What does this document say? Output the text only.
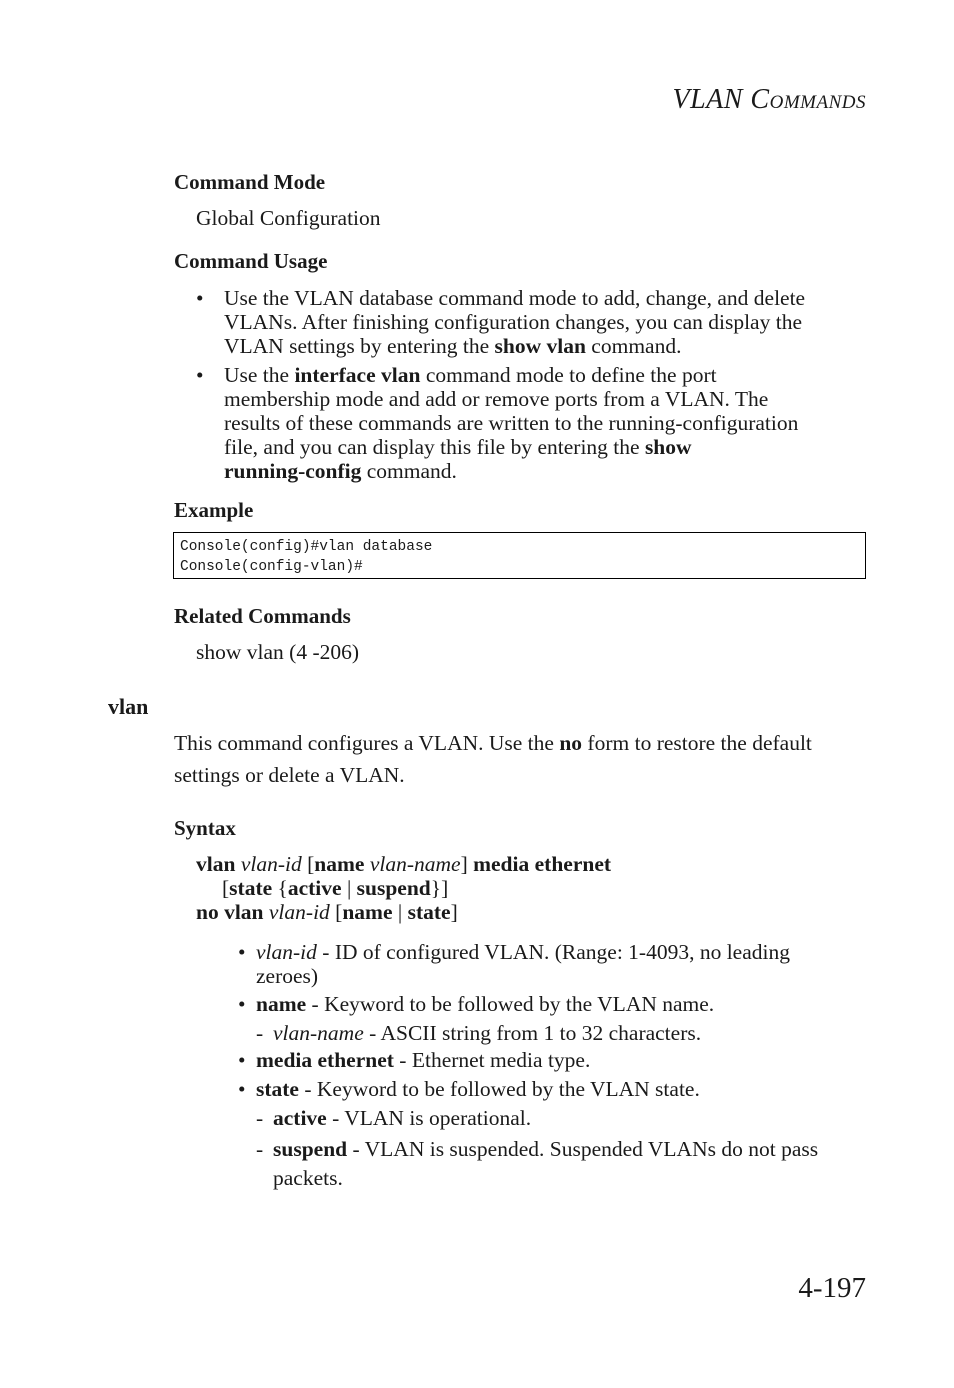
VLAN COMMANDS
Command Mode
Global Configuration
Command Usage
• Use the VLAN database command mode to add, change, and delete
VLANs. After finishing configuration changes, you can display the
VLAN settings by entering the show vlan command.
• Use the interface vlan command mode to define the port
membership mode and add or remove ports from a VLAN. The
results of these commands are written to the running-configuration
file, and you can display this file by entering the show
running-config command.
Example
Console(config)#vlan database
Console(config-vlan)#
Related Commands
show vlan (4 -206)
vlan
This command configures a VLAN. Use the no form to restore the default
settings or delete a VLAN.
Syntax
vlan vlan-id [name vlan-name] media ethernet
[state {active | suspend}]
no vlan vlan-id [name | state]
• vlan-id - ID of configured VLAN. (Range: 1-4093, no leading
zeroes)
• name - Keyword to be followed by the VLAN name.
- vlan-name - ASCII string from 1 to 32 characters.
• media ethernet - Ethernet media type.
• state - Keyword to be followed by the VLAN state.
- active - VLAN is operational.
- suspend - VLAN is suspended. Suspended VLANs do not pass
packets.
4-197
